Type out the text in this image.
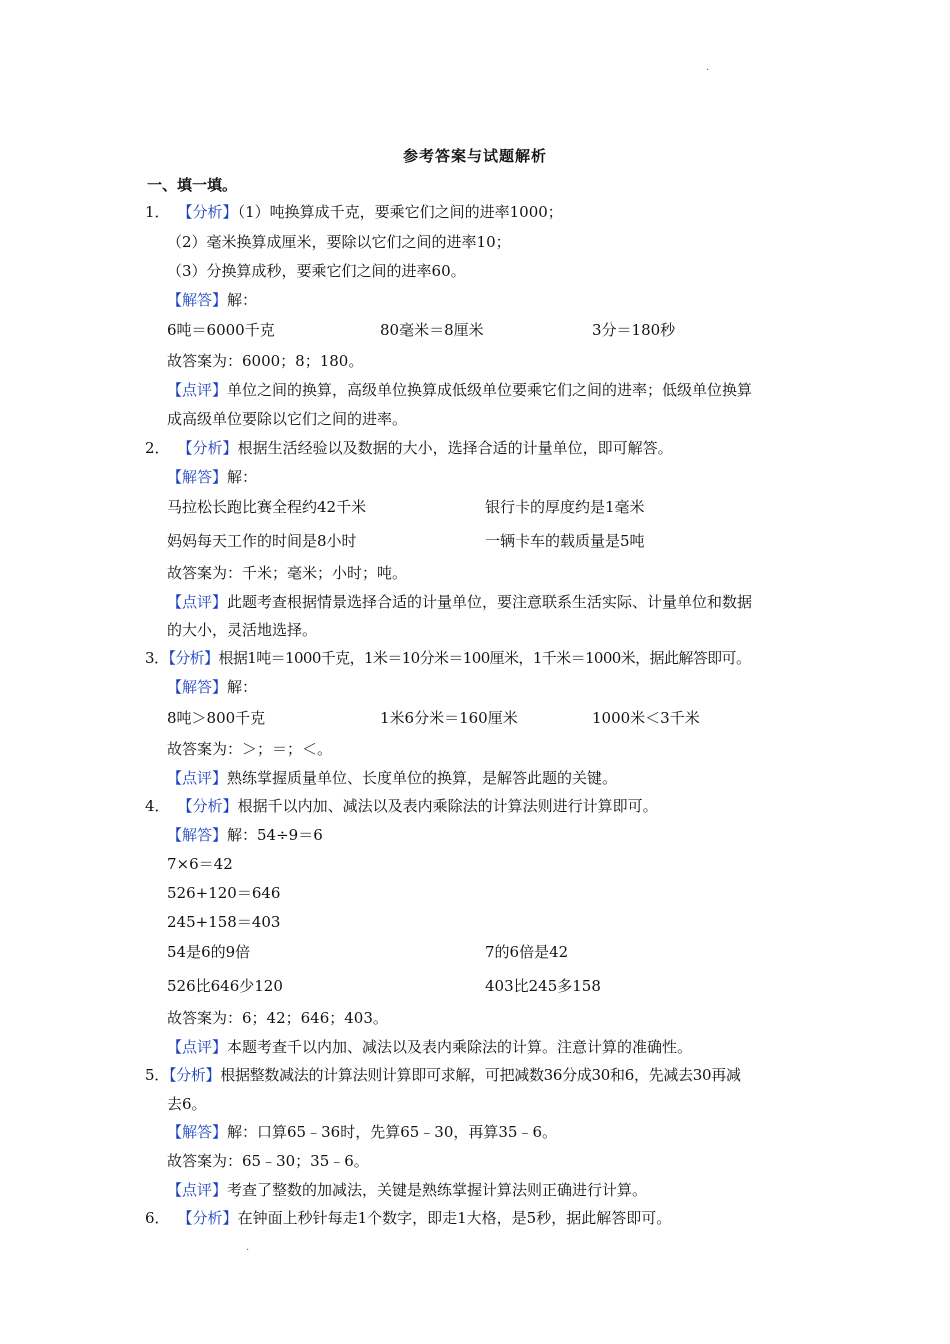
.
参考答案与试题解析
一、填一填。
1． 【分析】（1）吨换算成千克，要乘它们之间的进率1000；
（2）毫米换算成厘米，要除以它们之间的进率10；
（3）分换算成秒，要乘它们之间的进率60。
【解答】解：
6吨＝6000千克	80毫米＝8厘米	3分＝180秒
故答案为：6000；8；180。
【点评】单位之间的换算，高级单位换算成低级单位要乘它们之间的进率；低级单位换算
成高级单位要除以它们之间的进率。
2． 【分析】根据生活经验以及数据的大小，选择合适的计量单位，即可解答。
【解答】解：
马拉松长跑比赛全程约42千米	银行卡的厚度约是1毫米
妈妈每天工作的时间是8小时	一辆卡车的载质量是5吨
故答案为：千米；毫米；小时；吨。
【点评】此题考查根据情景选择合适的计量单位，要注意联系生活实际、计量单位和数据
的大小，灵活地选择。
3．【分析】根据1吨＝1000千克，1米＝10分米＝100厘米，1千米＝1000米，据此解答即可。
【解答】解：
8吨＞800千克	1米6分米＝160厘米	1000米＜3千米
故答案为：＞；＝；＜。
【点评】熟练掌握质量单位、长度单位的换算，是解答此题的关键。
4． 【分析】根据千以内加、减法以及表内乘除法的计算法则进行计算即可。
【解答】解：54÷9＝6
7×6＝42
526+120＝646
245+158＝403
54是6的9倍	7的6倍是42
526比646少120	403比245多158
故答案为：6；42；646；403。
【点评】本题考查千以内加、减法以及表内乘除法的计算。注意计算的准确性。
5．【分析】根据整数减法的计算法则计算即可求解，可把减数36分成30和6，先减去30再减
去6。
【解答】解：口算65﹣36时，先算65﹣30，再算35﹣6。
故答案为：65﹣30；35﹣6。
【点评】考查了整数的加减法，关键是熟练掌握计算法则正确进行计算。
6． 【分析】在钟面上秒针每走1个数字，即走1大格，是5秒，据此解答即可。
.
